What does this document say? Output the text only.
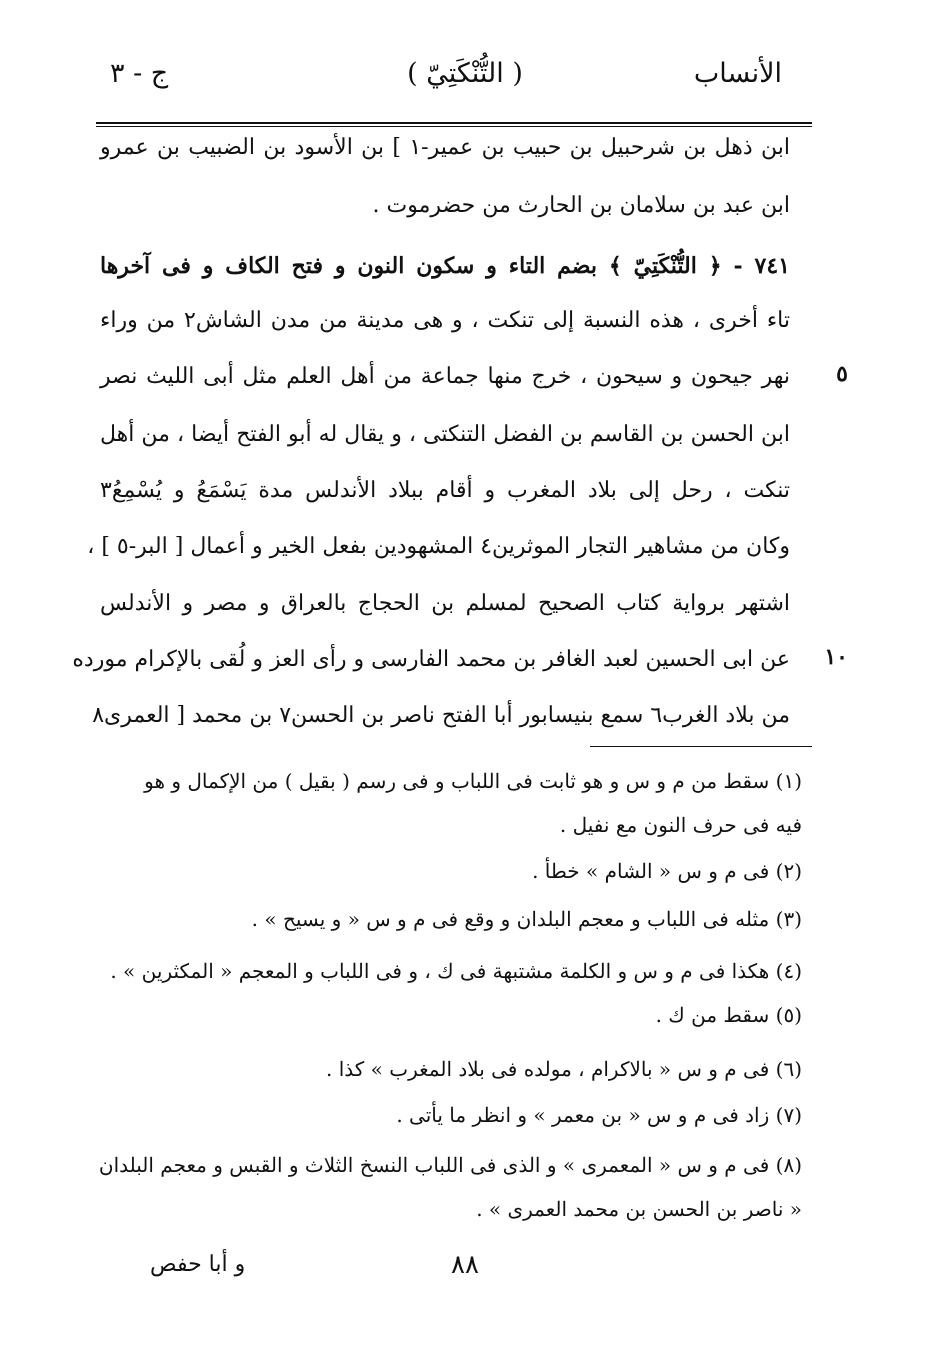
ج - ٣	( التُّنْكَتِيّ )	الأنساب
ابن ذهل بن شرحبيل بن حبيب بن عمير-١ ] بن الأسود بن الضبيب بن عمرو
ابن عبد بن سلامان بن الحارث من حضرموت .
٧٤١ - ﴿ التُّنْكَتِيّ ﴾ بضم التاء و سكون النون و فتح الكاف و فى آخرها
تاء أخرى ، هذه النسبة إلى تنكت ، و هى مدينة من مدن الشاش٢ من وراء
نهر جيحون و سيحون ، خرج منها جماعة من أهل العلم مثل أبى الليث نصر
ابن الحسن بن القاسم بن الفضل التنكتى ، و يقال له أبو الفتح أيضا ، من أهل
تنكت ، رحل إلى بلاد المغرب و أقام ببلاد الأندلس مدة يَسْمَعُ و يُسْمِعُ٣
وكان من مشاهير التجار الموثرين٤ المشهودين بفعل الخير و أعمال [ البر-٥ ] ،
اشتهر برواية كتاب الصحيح لمسلم بن الحجاج بالعراق و مصر و الأندلس
عن ابى الحسين لعبد الغافر بن محمد الفارسى و رأى العز و لُقى بالإكرام مورده
من بلاد الغرب٦ سمع بنيسابور أبا الفتح ناصر بن الحسن٧ بن محمد [ العمرى٨
٥
١٠
(١) سقط من م و س و هو ثابت فى اللباب و فى رسم ( بقيل ) من الإكمال و هو
فيه فى حرف النون مع نفيل .
(٢) فى م و س « الشام » خطأ .
(٣) مثله فى اللباب و معجم البلدان و وقع فى م و س « و يسيح » .
(٤) هكذا فى م و س و الكلمة مشتبهة فى ك ، و فى اللباب و المعجم « المكثرين » .
(٥) سقط من ك .
(٦) فى م و س « بالاكرام ، مولده فى بلاد المغرب » كذا .
(٧) زاد فى م و س « بن معمر » و انظر ما يأتى .
(٨) فى م و س « المعمرى » و الذى فى اللباب النسخ الثلاث و القبس و معجم البلدان
« ناصر بن الحسن بن محمد العمرى » .
٨٨
و أبا حفص
